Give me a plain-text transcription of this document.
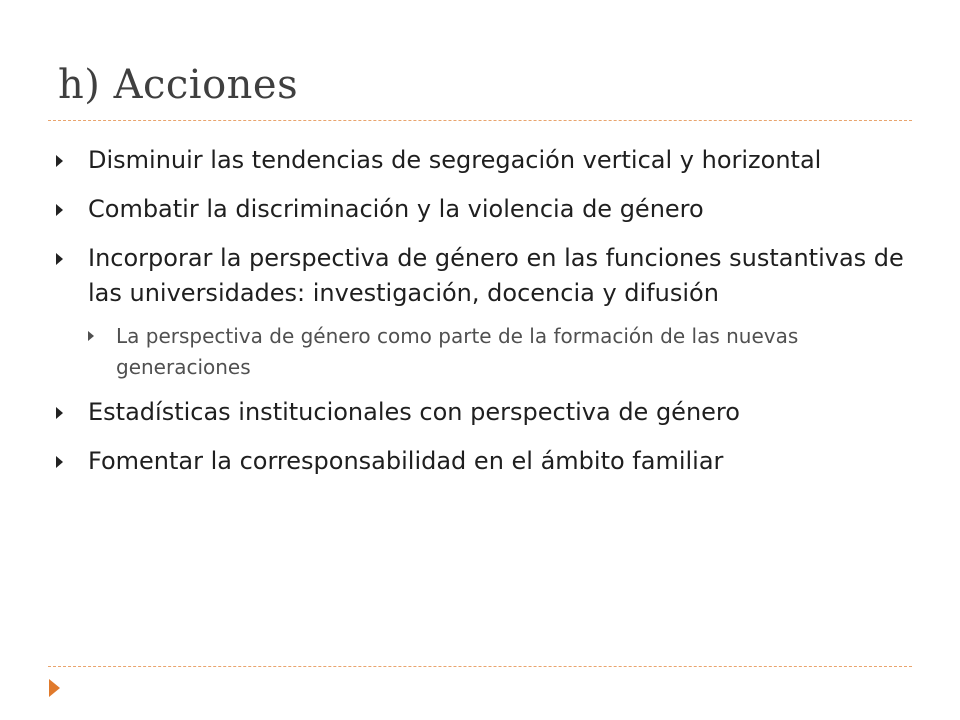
h) Acciones
Disminuir las tendencias de segregación vertical y horizontal
Combatir la discriminación y la violencia de género
Incorporar la perspectiva de género en las funciones sustantivas de las universidades: investigación, docencia y difusión
La perspectiva de género como parte de la formación de las nuevas generaciones
Estadísticas institucionales con perspectiva de género
Fomentar la corresponsabilidad en el ámbito familiar
